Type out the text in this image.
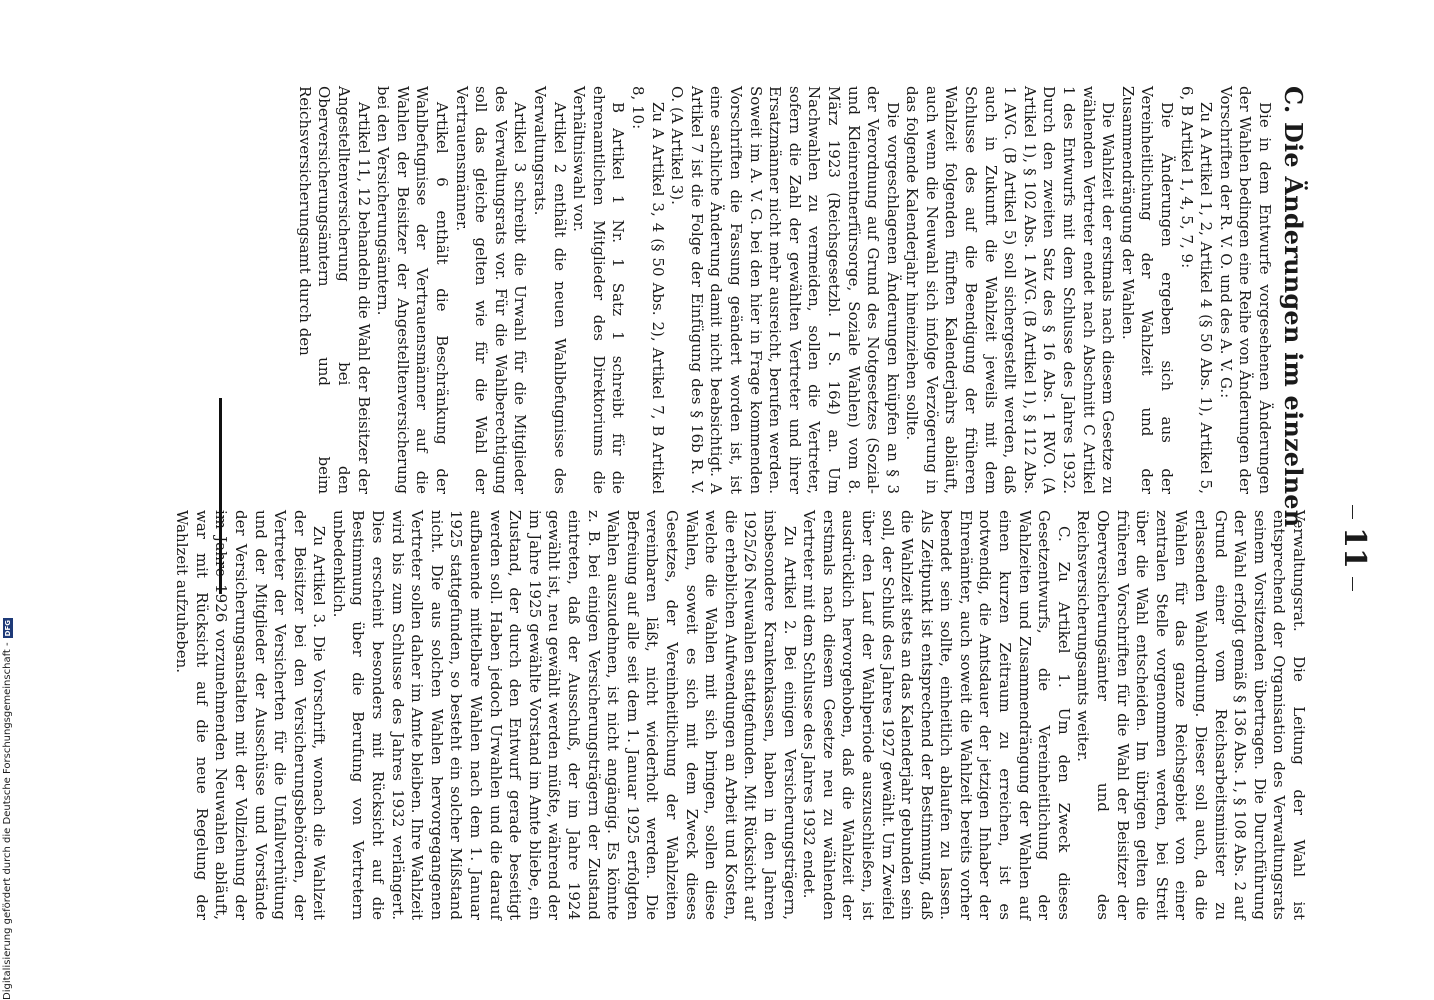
11
C. Die Änderungen im einzelnen

Die in dem Entwurfe vorgesehenen Änderungen der Wahlen bedingen eine Reihe von Änderungen der Vorschriften der R. V. O. und des A. V. G.:

Zu A Artikel 1, 2, Artikel 4 (§ 50 Abs. 1), Artikel 5, 6, B Artikel 1, 4, 5, 7, 9:

Die Änderungen ergeben sich aus der Vereinheitlichung der Wahlzeit und der Zusammendrängung der Wahlen.

Die Wahlzeit der erstmals nach diesem Gesetze zu wählenden Vertreter endet nach Abschnitt C Artikel 1 des Entwurfs mit dem Schlusse des Jahres 1932. Durch den zweiten Satz des § 16 Abs. 1 RVO. (A Artikel 1), § 102 Abs. 1 AVG. (B Artikel 1), § 112 Abs. 1 AVG. (B Artikel 5) soll sichergestellt werden, daß auch in Zukunft die Wahlzeit jeweils mit dem Schlusse des auf die Beendigung der früheren Wahlzeit folgenden fünften Kalenderjahrs abläuft, auch wenn die Neuwahl sich infolge Verzögerung in das folgende Kalenderjahr hineinziehen sollte.

Die vorgeschlagenen Änderungen knüpfen an § 3 der Verordnung auf Grund des Notgesetzes (Sozial- und Kleinrentnerfürsorge, Soziale Wahlen) vom 8. März 1923 (Reichsgesetzbl. I S. 164) an. Um Nachwahlen zu vermeiden, sollen die Vertreter, sofern die Zahl der gewählten Vertreter und ihrer Ersatzmänner nicht mehr ausreicht, berufen werden. Soweit im A. V. G. bei den hier in Frage kommenden Vorschriften die Fassung geändert worden ist, ist eine sachliche Änderung damit nicht beabsichtigt. A Artikel 7 ist die Folge der Einfügung des § 16b R. V. O. (A Artikel 3).

Zu A Artikel 3, 4 (§ 50 Abs. 2), Artikel 7, B Artikel 8, 10:

B Artikel 1 Nr. 1 Satz 1 schreibt für die ehrenamtlichen Mitglieder des Direktoriums die Verhältniswahl vor.

Artikel 2 enthält die neuen Wahlbefugnisse des Verwaltungsrats.

Artikel 3 schreibt die Urwahl für die Mitglieder des Verwaltungsrats vor. Für die Wahlberechtigung soll das gleiche gelten wie für die Wahl der Vertrauensmänner.

Artikel 6 enthält die Beschränkung der Wahlbefugnisse der Vertrauensmänner auf die Wahlen der Beisitzer der Angestelltenversicherung bei den Versicherungsämtern.

Artikel 11, 12 behandeln die Wahl der Beisitzer der Angestelltenversicherung bei den Oberversicherungsämtern und beim Reichsversicherungsamt durch den

Verwaltungsrat. Die Leitung der Wahl ist entsprechend der Organisation des Verwaltungsrats seinem Vorsitzenden übertragen. Die Durchführung der Wahl erfolgt gemäß § 136 Abs. 1, § 108 Abs. 2 auf Grund einer vom Reichsarbeitsminister zu erlassenden Wahlordnung. Dieser soll auch, da die Wahlen für das ganze Reichsgebiet von einer zentralen Stelle vorgenommen werden, bei Streit über die Wahl entscheiden. Im übrigen gelten die früheren Vorschriften für die Wahl der Beisitzer der Oberversicherungsämter und des Reichsversicherungsamts weiter.

C. Zu Artikel 1. Um den Zweck dieses Gesetzentwurfs, die Vereinheitlichung der Wahlzeiten und Zusammendrängung der Wahlen auf einen kurzen Zeitraum zu erreichen, ist es notwendig, die Amtsdauer der jetzigen Inhaber der Ehrenämter, auch soweit die Wahlzeit bereits vorher beendet sein sollte, einheitlich ablaufen zu lassen. Als Zeitpunkt ist entsprechend der Bestimmung, daß die Wahlzeit stets an das Kalenderjahr gebunden sein soll, der Schluß des Jahres 1927 gewählt. Um Zweifel über den Lauf der Wahlperiode auszuschließen, ist ausdrücklich hervorgehoben, daß die Wahlzeit der erstmals nach diesem Gesetze neu zu wählenden Vertreter mit dem Schlusse des Jahres 1932 endet.

Zu Artikel 2. Bei einigen Versicherungsträgern, insbesondere Krankenkassen, haben in den Jahren 1925/26 Neuwahlen stattgefunden. Mit Rücksicht auf die erheblichen Aufwendungen an Arbeit und Kosten, welche die Wahlen mit sich bringen, sollen diese Wahlen, soweit es sich mit dem Zweck dieses Gesetzes, der Vereinheitlichung der Wahlzeiten vereinbaren läßt, nicht wiederholt werden. Die Befreiung auf alle seit dem 1. Januar 1925 erfolgten Wahlen auszudehnen, ist nicht angängig. Es könnte z. B. bei einigen Versicherungsträgern der Zustand eintreten, daß der Ausschuß, der im Jahre 1924 gewählt ist, neu gewählt werden müßte, während der im Jahre 1925 gewählte Vorstand im Amte bliebe, ein Zustand, der durch den Entwurf gerade beseitigt werden soll. Haben jedoch Urwahlen und die darauf aufbauende mittelbare Wahlen nach dem 1. Januar 1925 stattgefunden, so besteht ein solcher Mißstand nicht. Die aus solchen Wahlen hervorgegangenen Vertreter sollen daher im Amte bleiben. Ihre Wahlzeit wird bis zum Schlusse des Jahres 1932 verlängert. Dies erscheint besonders mit Rücksicht auf die Bestimmung über die Berufung von Vertretern unbedenklich.

Zu Artikel 3. Die Vorschrift, wonach die Wahlzeit der Beisitzer bei den Versicherungsbehörden, der Vertreter der Versicherten für die Unfallverhütung und der Mitglieder der Ausschüsse und Vorstände der Versicherungsanstalten mit der Vollziehung der im Jahre 1926 vorzunehmenden Neuwahlen abläuft, war mit Rücksicht auf die neue Regelung der Wahlzeit aufzuheben.

Digitalisierung gefördert durch die Deutsche Forschungsgemeinschaft -DFG
